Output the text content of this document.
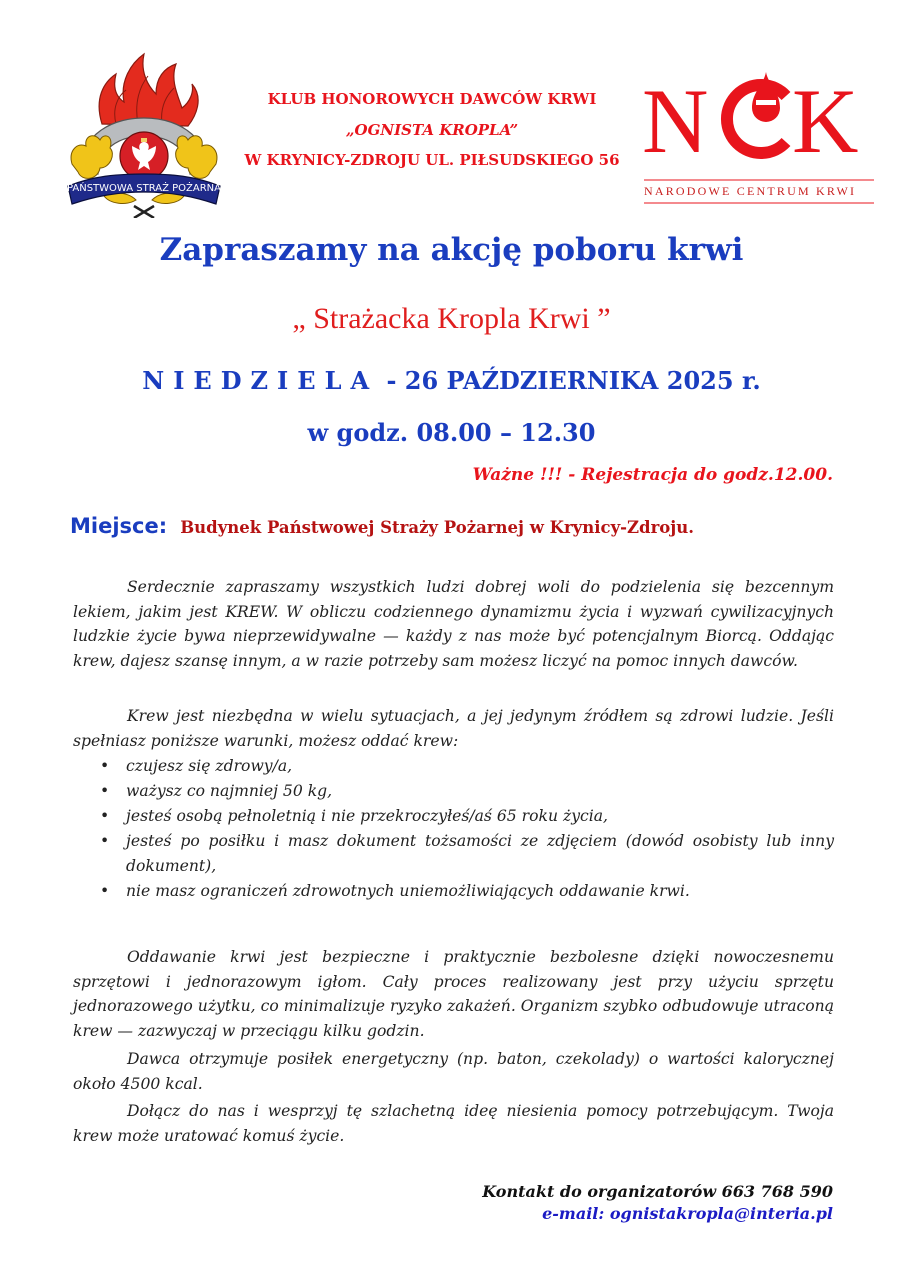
PAŃSTWOWA STRAŻ POŻARNA
KLUB HONOROWYCH DAWCÓW KRWI
„OGNISTA KROPLA”
W KRYNICY-ZDROJU UL. PIŁSUDSKIEGO 56 N K
NARODOWE CENTRUM KRWI
Zapraszamy na akcję poboru krwi
„ Strażacka Kropla Krwi ”
NIEDZIELA - 26 PAŹDZIERNIKA 2025 r.
w godz. 08.00 – 12.30
Ważne !!! - Rejestracja do godz.12.00.
Miejsce: Budynek Państwowej Straży Pożarnej w Krynicy-Zdroju.

Serdecznie zapraszamy wszystkich ludzi dobrej woli do podzielenia się bezcennym lekiem, jakim jest KREW. W obliczu codziennego dynamizmu życia i wyzwań cywilizacyjnych ludzkie życie bywa nieprzewidywalne — każdy z nas może być potencjalnym Biorcą. Oddając krew, dajesz szansę innym, a w razie potrzeby sam możesz liczyć na pomoc innych dawców.

Krew jest niezbędna w wielu sytuacjach, a jej jedynym źródłem są zdrowi ludzie. Jeśli spełniasz poniższe warunki, możesz oddać krew:

• czujesz się zdrowy/a,
• ważysz co najmniej 50 kg,
• jesteś osobą pełnoletnią i nie przekroczyłeś/aś 65 roku życia,
• jesteś po posiłku i masz dokument tożsamości ze zdjęciem (dowód osobisty lub inny dokument),
• nie masz ograniczeń zdrowotnych uniemożliwiających oddawanie krwi.

Oddawanie krwi jest bezpieczne i praktycznie bezbolesne dzięki nowoczesnemu sprzętowi i jednorazowym igłom. Cały proces realizowany jest przy użyciu sprzętu jednorazowego użytku, co minimalizuje ryzyko zakażeń. Organizm szybko odbudowuje utraconą krew — zazwyczaj w przeciągu kilku godzin.

Dawca otrzymuje posiłek energetyczny (np. baton, czekolady) o wartości kalorycznej około 4500 kcal.

Dołącz do nas i wesprzyj tę szlachetną ideę niesienia pomocy potrzebującym. Twoja krew może uratować komuś życie.

Kontakt do organizatorów 663 768 590
e-mail: ognistakropla@interia.pl
